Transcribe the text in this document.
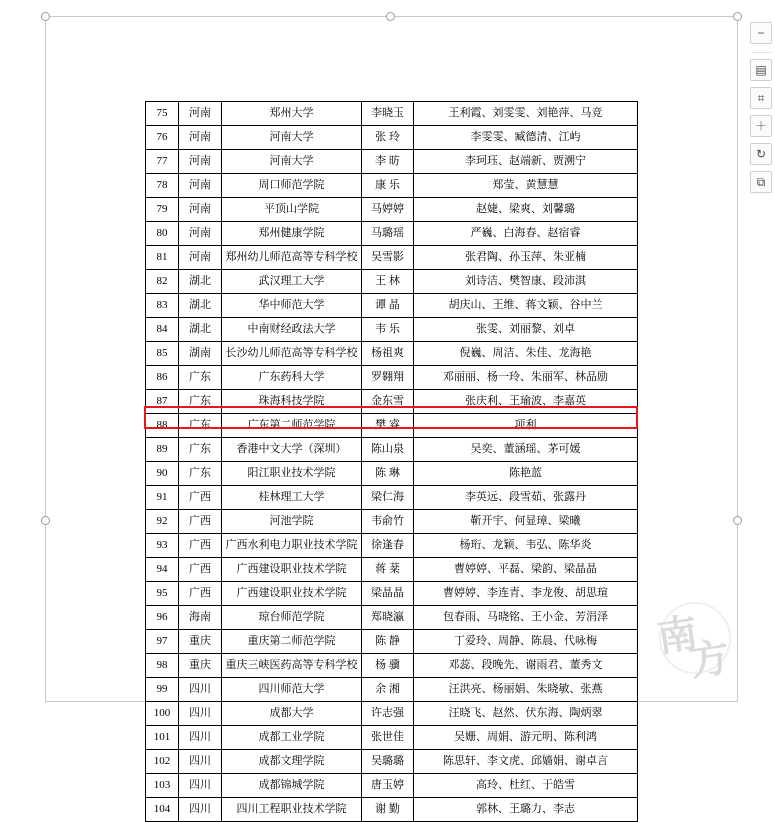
−
▤
⌗
＋
↻
⧉
75	河南	郑州大学	李晓玉	王利霞、刘雯雯、刘艳萍、马竞
76	河南	河南大学	张 玲	李雯雯、臧德清、江屿
77	河南	河南大学	李 昉	李珂珏、赵端新、贾溯宁
78	河南	周口师范学院	康 乐	郑莹、黄慧慧
79	河南	平顶山学院	马婷婷	赵婕、梁爽、刘馨璐
80	河南	郑州健康学院	马璐瑶	严巍、白海春、赵宿睿
81	河南	郑州幼儿师范高等专科学校	吴雪影	张君陶、孙玉萍、朱亚楠
82	湖北	武汉理工大学	王 林	刘诗洁、樊智康、段沛淇
83	湖北	华中师范大学	谭 晶	胡庆山、王维、蒋文颖、谷中兰
84	湖北	中南财经政法大学	韦 乐	张雯、刘丽黎、刘卓
85	湖南	长沙幼儿师范高等专科学校	杨祖爽	倪巍、周洁、朱佳、龙海艳
86	广东	广东药科大学	罗翱翔	邓丽丽、杨一玲、朱丽军、林品励
87	广东	珠海科技学院	金东雪	张庆利、王瑜波、李嘉英
88	广东	广东第二师范学院	樊 睿	项利
89	广东	香港中文大学（深圳）	陈山泉	吴奕、董涵瑶、茅可媛
90	广东	阳江职业技术学院	陈 琳	陈艳蓝
91	广西	桂林理工大学	梁仁海	李英远、段雪茹、张露丹
92	广西	河池学院	韦俞竹	靳开宇、何显璋、梁曦
93	广西	广西水利电力职业技术学院	徐逢春	杨珩、龙颖、韦弘、陈华炎
94	广西	广西建设职业技术学院	蒋 棻	曹婷婷、平磊、梁韵、梁晶晶
95	广西	广西建设职业技术学院	梁晶晶	曹婷婷、李连青、李龙俊、胡思瑄
96	海南	琼台师范学院	郑晓瀛	包春雨、马晓铭、王小金、芳涓泽
97	重庆	重庆第二师范学院	陈 静	丁爱玲、周静、陈晨、代咏梅
98	重庆	重庆三峡医药高等专科学校	杨 骥	邓蕊、段晚先、谢雨君、董秀文
99	四川	四川师范大学	余 湘	汪洪亮、杨丽娟、朱晓敏、张燕
100	四川	成都大学	许志强	汪晓飞、赵然、伏东海、陶炳翠
101	四川	成都工业学院	张世佳	吴姗、周娟、游元明、陈利鸿
102	四川	成都文理学院	吴璐璐	陈思轩、李文虎、邱嫱娟、谢卓言
103	四川	成都锦城学院	唐玉婷	高玲、杜红、于皓雪
104	四川	四川工程职业技术学院	谢 勤	郭林、王璐力、李志
南
方
